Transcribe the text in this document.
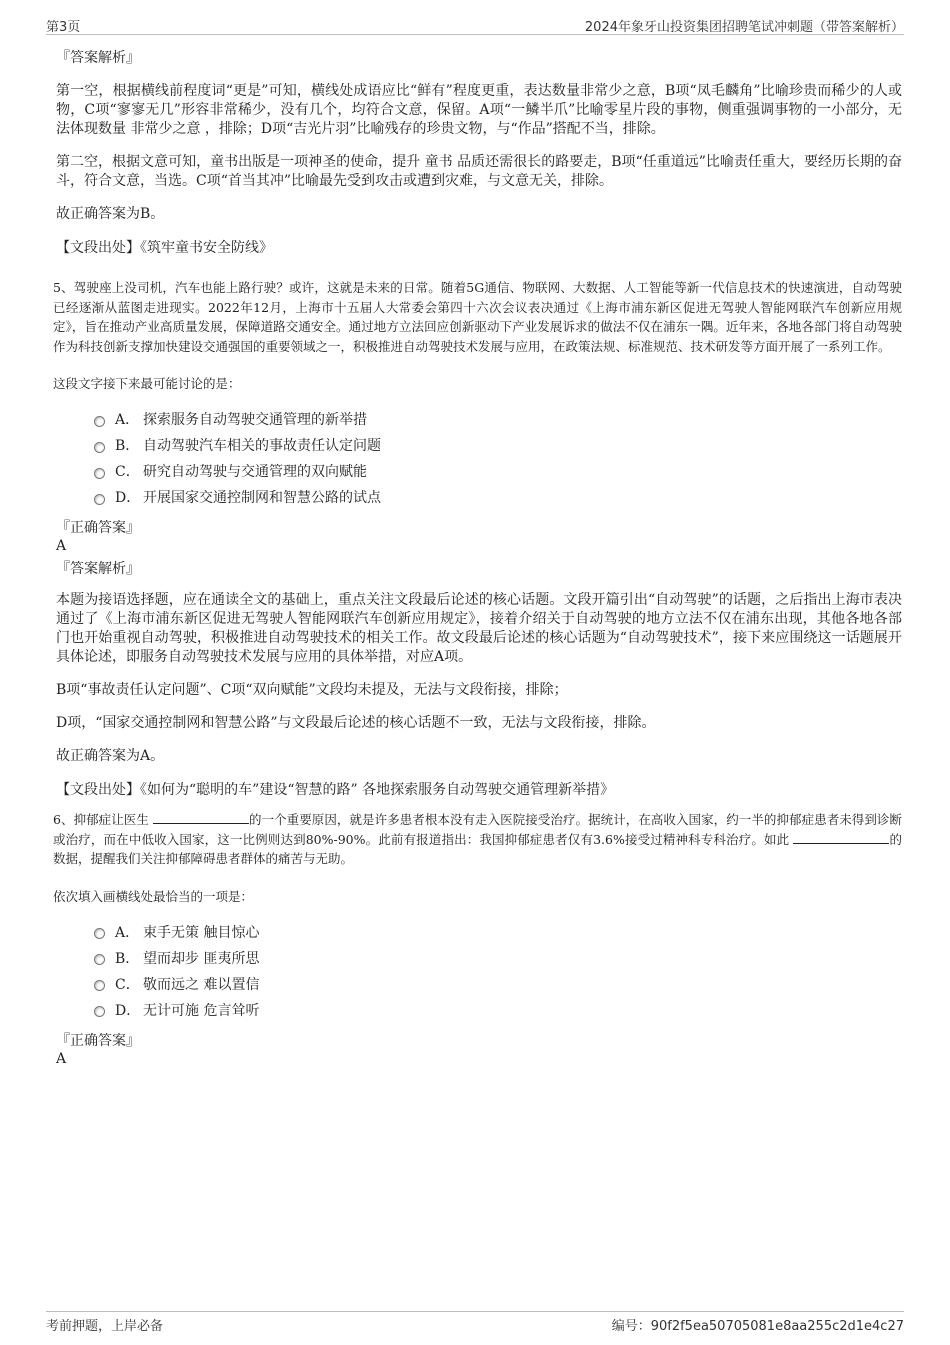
第3页	2024年象牙山投资集团招聘笔试冲刺题（带答案解析）
『答案解析』

第一空，根据横线前程度词“更是”可知，横线处成语应比“鲜有”程度更重，表达数量非常少之意，B项“凤毛麟角”比喻珍贵而稀少的人或物，C项“寥寥无几”形容非常稀少，没有几个，均符合文意，保留。A项“一鳞半爪”比喻零星片段的事物，侧重强调事物的一小部分，无法体现数量 非常少之意 ，排除；D项“吉光片羽”比喻残存的珍贵文物，与“作品”搭配不当，排除。

第二空，根据文意可知，童书出版是一项神圣的使命，提升 童书 品质还需很长的路要走，B项“任重道远”比喻责任重大，要经历长期的奋斗，符合文意，当选。C项“首当其冲”比喻最先受到攻击或遭到灾难，与文意无关，排除。

故正确答案为B。

【文段出处】《筑牢童书安全防线》

5、驾驶座上没司机，汽车也能上路行驶？或许，这就是未来的日常。随着5G通信、物联网、大数据、人工智能等新一代信息技术的快速演进，自动驾驶已经逐渐从蓝图走进现实。2022年12月，上海市十五届人大常委会第四十六次会议表决通过《上海市浦东新区促进无驾驶人智能网联汽车创新应用规定》，旨在推动产业高质量发展，保障道路交通安全。通过地方立法回应创新驱动下产业发展诉求的做法不仅在浦东一隅。近年来，各地各部门将自动驾驶作为科技创新支撑加快建设交通强国的重要领域之一，积极推进自动驾驶技术发展与应用，在政策法规、标准规范、技术研发等方面开展了一系列工作。

这段文字接下来最可能讨论的是：
A． 探索服务自动驾驶交通管理的新举措
B． 自动驾驶汽车相关的事故责任认定问题
C． 研究自动驾驶与交通管理的双向赋能
D． 开展国家交通控制网和智慧公路的试点
『正确答案』
A
『答案解析』

本题为接语选择题，应在通读全文的基础上，重点关注文段最后论述的核心话题。文段开篇引出“自动驾驶”的话题，之后指出上海市表决通过了《上海市浦东新区促进无驾驶人智能网联汽车创新应用规定》，接着介绍关于自动驾驶的地方立法不仅在浦东出现，其他各地各部门也开始重视自动驾驶，积极推进自动驾驶技术的相关工作。故文段最后论述的核心话题为“自动驾驶技术”，接下来应围绕这一话题展开具体论述，即服务自动驾驶技术发展与应用的具体举措，对应A项。

B项“事故责任认定问题”、C项“双向赋能”文段均未提及，无法与文段衔接，排除；

D项，“国家交通控制网和智慧公路”与文段最后论述的核心话题不一致，无法与文段衔接，排除。

故正确答案为A。

【文段出处】《如何为“聪明的车”建设“智慧的路” 各地探索服务自动驾驶交通管理新举措》

6、抑郁症让医生	的一个重要原因，就是许多患者根本没有走入医院接受治疗。据统计，在高收入国家，约一半的抑郁症患者未得到诊断或治疗，而在中低收入国家，这一比例则达到80%-90%。此前有报道指出：我国抑郁症患者仅有3.6%接受过精神科专科治疗。如此	的数据，提醒我们关注抑郁障碍患者群体的痛苦与无助。

依次填入画横线处最恰当的一项是：
A． 束手无策 触目惊心
B． 望而却步 匪夷所思
C． 敬而远之 难以置信
D． 无计可施 危言耸听
『正确答案』
A
考前押题，上岸必备	编号：90f2f5ea50705081e8aa255c2d1e4c27
